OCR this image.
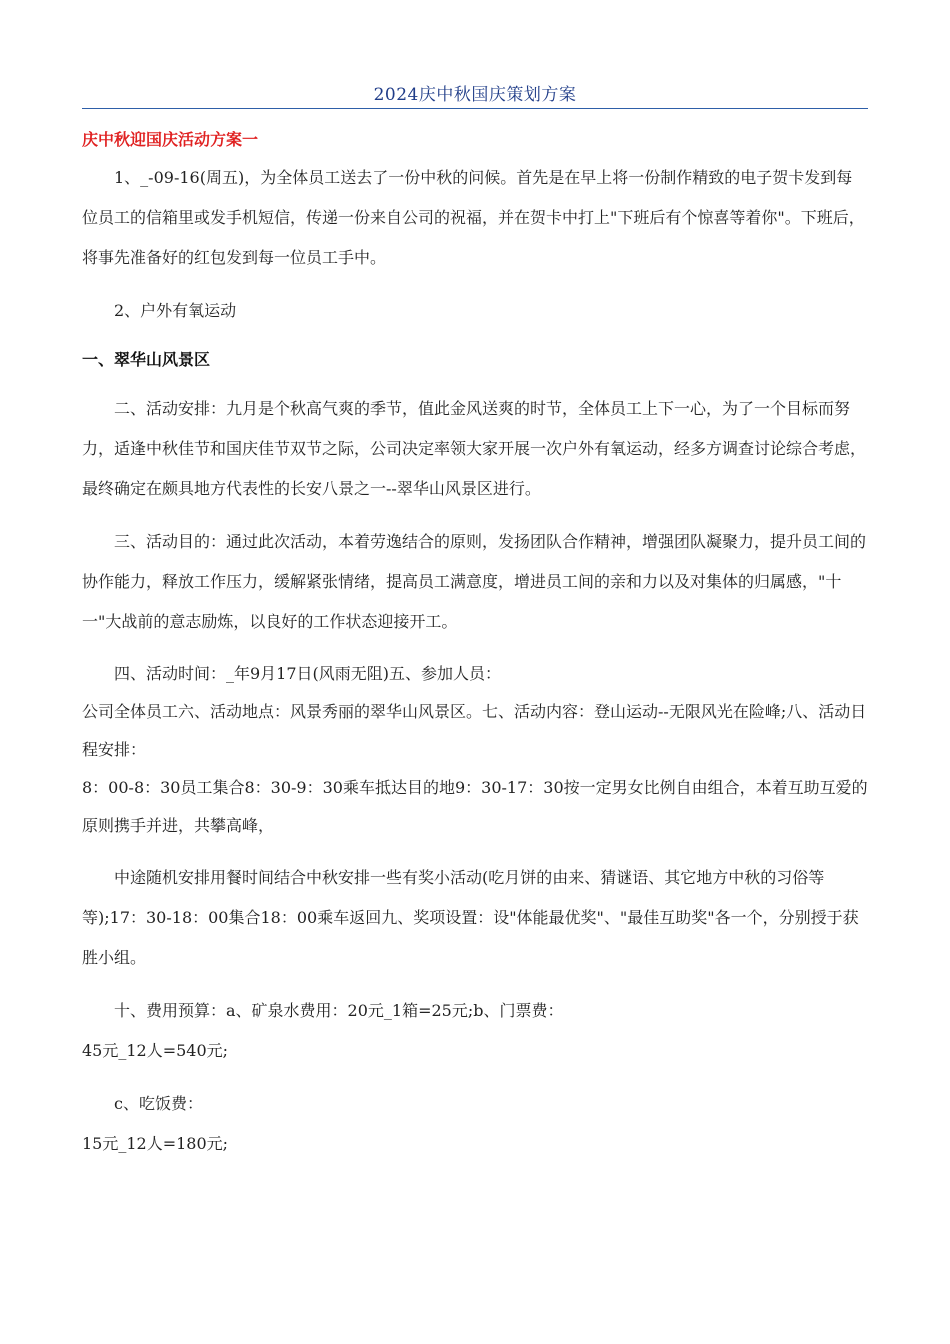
2024庆中秋国庆策划方案

庆中秋迎国庆活动方案一

1、_-09-16(周五)，为全体员工送去了一份中秋的问候。首先是在早上将一份制作精致的电子贺卡发到每位员工的信箱里或发手机短信，传递一份来自公司的祝福，并在贺卡中打上"下班后有个惊喜等着你"。下班后，将事先准备好的红包发到每一位员工手中。

2、户外有氧运动

一、翠华山风景区

二、活动安排：九月是个秋高气爽的季节，值此金风送爽的时节，全体员工上下一心，为了一个目标而努力，适逢中秋佳节和国庆佳节双节之际，公司决定率领大家开展一次户外有氧运动，经多方调查讨论综合考虑，最终确定在颇具地方代表性的长安八景之一--翠华山风景区进行。

三、活动目的：通过此次活动，本着劳逸结合的原则，发扬团队合作精神，增强团队凝聚力，提升员工间的协作能力，释放工作压力，缓解紧张情绪，提高员工满意度，增进员工间的亲和力以及对集体的归属感，"十一"大战前的意志励炼，以良好的工作状态迎接开工。

四、活动时间：_年9月17日(风雨无阻)五、参加人员：

公司全体员工六、活动地点：风景秀丽的翠华山风景区。七、活动内容：登山运动--无限风光在险峰;八、活动日程安排：

8：00-8：30员工集合8：30-9：30乘车抵达目的地9：30-17：30按一定男女比例自由组合，本着互助互爱的原则携手并进，共攀高峰，

中途随机安排用餐时间结合中秋安排一些有奖小活动(吃月饼的由来、猜谜语、其它地方中秋的习俗等等);17：30-18：00集合18：00乘车返回九、奖项设置：设"体能最优奖"、"最佳互助奖"各一个，分别授于获胜小组。

十、费用预算：a、矿泉水费用：20元_1箱=25元;b、门票费：

45元_12人=540元;

c、吃饭费：

15元_12人=180元;
